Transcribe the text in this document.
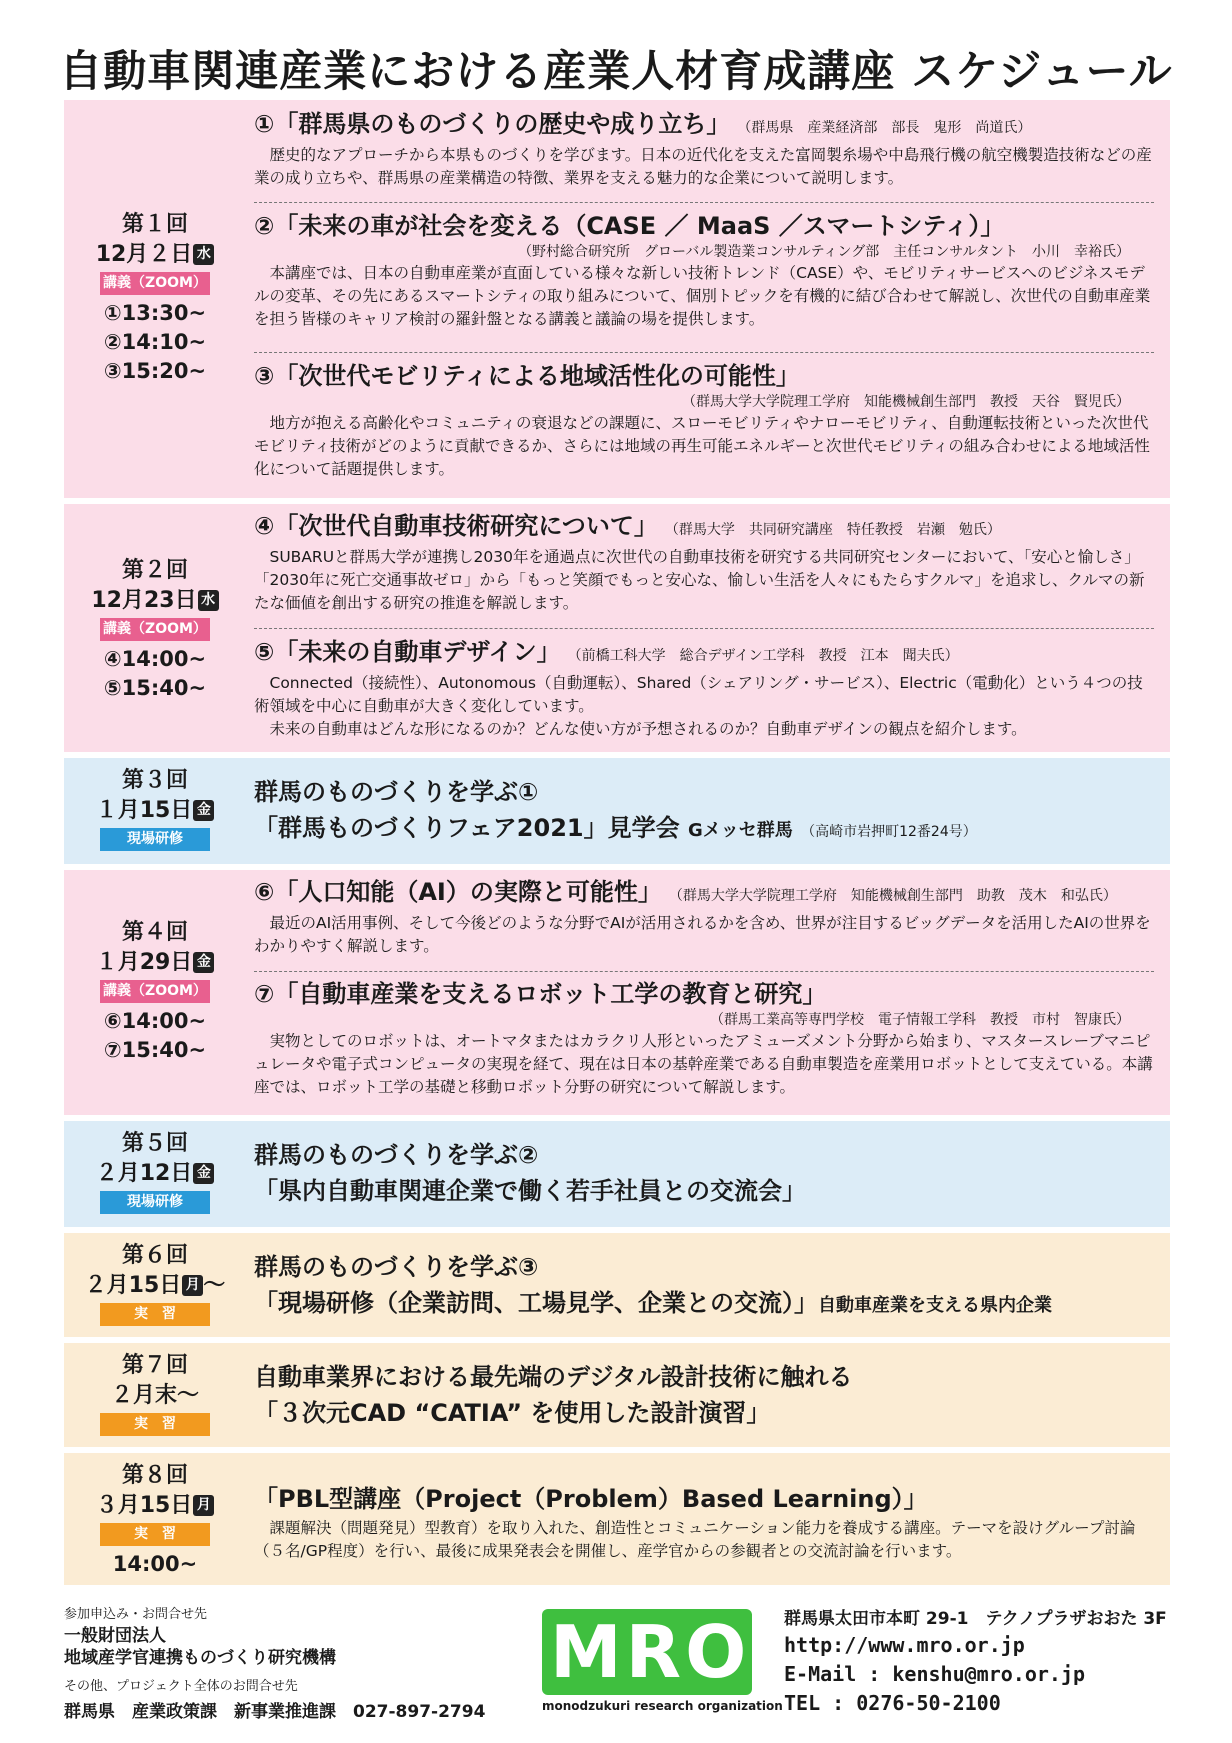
自動車関連産業における産業人材育成講座 スケジュール
第１回
12月２日 水
講義（ZOOM）
①13:30~
②14:10~
③15:20~
①「群馬県のものづくりの歴史や成り立ち」 （群馬県　産業経済部　部長　鬼形　尚道氏）
歴史的なアプローチから本県ものづくりを学びます。日本の近代化を支えた富岡製糸場や中島飛行機の航空機製造技術などの産業の成り立ちや、群馬県の産業構造の特徴、業界を支える魅力的な企業について説明します。
②「未来の車が社会を変える（CASE ／ MaaS ／スマートシティ）」
（野村総合研究所　グローバル製造業コンサルティング部　主任コンサルタント　小川　幸裕氏）
本講座では、日本の自動車産業が直面している様々な新しい技術トレンド（CASE）や、モビリティサービスへのビジネスモデルの変革、その先にあるスマートシティの取り組みについて、個別トピックを有機的に結び合わせて解説し、次世代の自動車産業を担う皆様のキャリア検討の羅針盤となる講義と議論の場を提供します。
③「次世代モビリティによる地域活性化の可能性」
（群馬大学大学院理工学府　知能機械創生部門　教授　天谷　賢児氏）
地方が抱える高齢化やコミュニティの衰退などの課題に、スローモビリティやナローモビリティ、自動運転技術といった次世代モビリティ技術がどのように貢献できるか、さらには地域の再生可能エネルギーと次世代モビリティの組み合わせによる地域活性化について話題提供します。
第２回
12月23日 水
講義（ZOOM）
④14:00~
⑤15:40~
④「次世代自動車技術研究について」 （群馬大学　共同研究講座　特任教授　岩瀬　勉氏）
SUBARUと群馬大学が連携し2030年を通過点に次世代の自動車技術を研究する共同研究センターにおいて、「安心と愉しさ」「2030年に死亡交通事故ゼロ」から「もっと笑顔でもっと安心な、愉しい生活を人々にもたらすクルマ」を追求し、クルマの新たな価値を創出する研究の推進を解説します。
⑤「未来の自動車デザイン」 （前橋工科大学　総合デザイン工学科　教授　江本　聞夫氏）
Connected（接続性）、Autonomous（自動運転）、Shared（シェアリング・サービス）、Electric（電動化）という４つの技術領域を中心に自動車が大きく変化しています。
未来の自動車はどんな形になるのか？どんな使い方が予想されるのか？自動車デザインの観点を紹介します。
第３回
１月15日 金
現場研修
群馬のものづくりを学ぶ①
「群馬ものづくりフェア2021」見学会 Gメッセ群馬 （高崎市岩押町12番24号）
第４回
１月29日 金
講義（ZOOM）
⑥14:00~
⑦15:40~
⑥「人口知能（AI）の実際と可能性」 （群馬大学大学院理工学府　知能機械創生部門　助教　茂木　和弘氏）
最近のAI活用事例、そして今後どのような分野でAIが活用されるかを含め、世界が注目するビッグデータを活用したAIの世界をわかりやすく解説します。
⑦「自動車産業を支えるロボット工学の教育と研究」
（群馬工業高等専門学校　電子情報工学科　教授　市村　智康氏）
実物としてのロボットは、オートマタまたはカラクリ人形といったアミューズメント分野から始まり、マスタースレーブマニピュレータや電子式コンピュータの実現を経て、現在は日本の基幹産業である自動車製造を産業用ロボットとして支えている。本講座では、ロボット工学の基礎と移動ロボット分野の研究について解説します。
第５回
２月12日 金
現場研修
群馬のものづくりを学ぶ②
「県内自動車関連企業で働く若手社員との交流会」
第６回
２月15日 月 ～
実　習
群馬のものづくりを学ぶ③
「現場研修（企業訪問、工場見学、企業との交流）」自動車産業を支える県内企業
第７回
２月末～
実　習
自動車業界における最先端のデジタル設計技術に触れる
「３次元CAD “CATIA” を使用した設計演習」
第８回
３月15日 月
実　習
14:00~
「PBL型講座（Project（Problem）Based Learning）」
課題解決（問題発見）型教育）を取り入れた、創造性とコミュニケーション能力を養成する講座。テーマを設けグループ討論（５名/GP程度）を行い、最後に成果発表会を開催し、産学官からの参観者との交流討論を行います。
参加申込み・お問合せ先
一般財団法人
地域産学官連携ものづくり研究機構
その他、プロジェクト全体のお問合せ先
群馬県　産業政策課　新事業推進課　027-897-2794
MRO
monodzukuri research organization
群馬県太田市本町 29-1　テクノプラザおおた 3F
http://www.mro.or.jp
E-Mail : kenshu@mro.or.jp
TEL : 0276-50-2100
